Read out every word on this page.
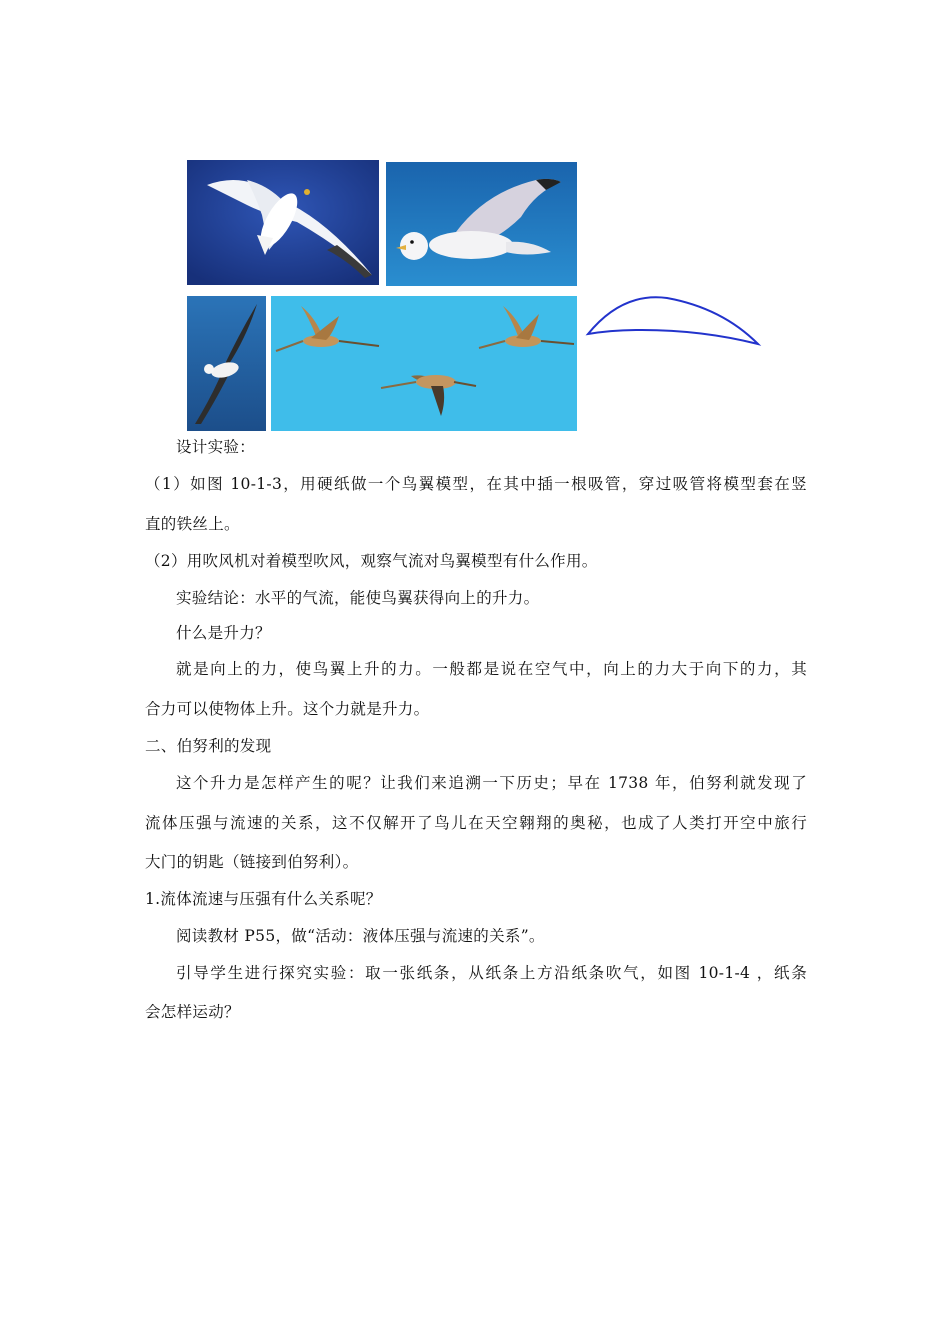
设计实验：
（1）如图 10-1-3，用硬纸做一个鸟翼模型，在其中插一根吸管，穿过吸管将模型套在竖
直的铁丝上。
（2）用吹风机对着模型吹风，观察气流对鸟翼模型有什么作用。
实验结论：水平的气流，能使鸟翼获得向上的升力。
什么是升力？
就是向上的力，使鸟翼上升的力。一般都是说在空气中，向上的力大于向下的力，其
合力可以使物体上升。这个力就是升力。
二、伯努利的发现
这个升力是怎样产生的呢？让我们来追溯一下历史；早在 1738 年，伯努利就发现了
流体压强与流速的关系，这不仅解开了鸟儿在天空翱翔的奥秘，也成了人类打开空中旅行
大门的钥匙（链接到伯努利）。
1.流体流速与压强有什么关系呢？
阅读教材 P55，做“活动：液体压强与流速的关系”。
引导学生进行探究实验：取一张纸条，从纸条上方沿纸条吹气，如图 10-1-4 ，纸条
会怎样运动？
